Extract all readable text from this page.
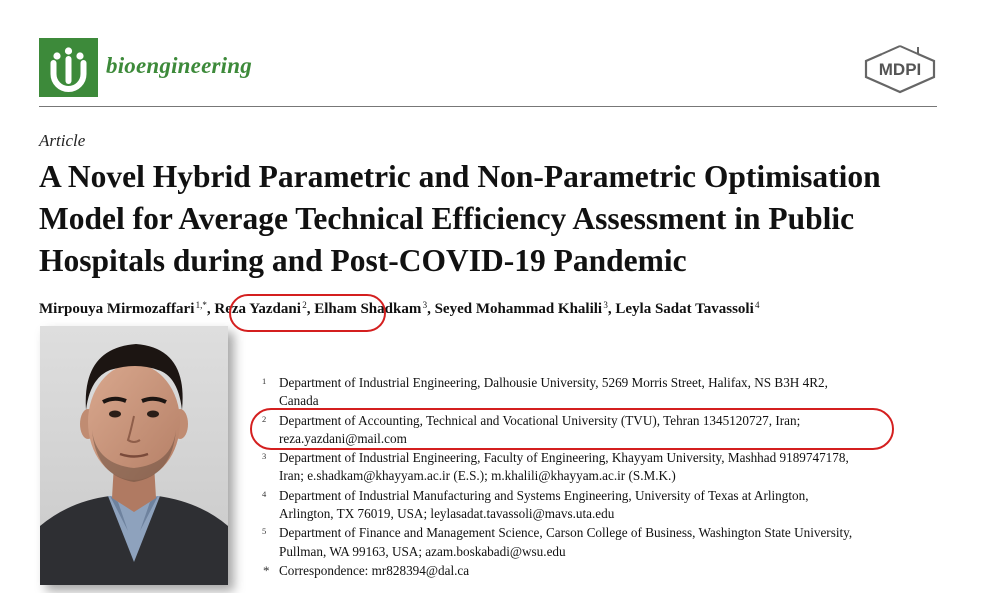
bioengineering	MDPI
Article
A Novel Hybrid Parametric and Non-Parametric Optimisation
Model for Average Technical Efficiency Assessment in Public
Hospitals during and Post-COVID-19 Pandemic
Mirpouya Mirmozaffari $^{1,*}$, Reza Yazdani $^2$, Elham Shadkam $^3$, Seyed Mohammad Khalili $^3$, Leyla Sadat Tavassoli $^4$
1 Department of Industrial Engineering, Dalhousie University, 5269 Morris Street, Halifax, NS B3H 4R2,
Canada
2 Department of Accounting, Technical and Vocational University (TVU), Tehran 1345120727, Iran;
reza.yazdani@mail.com
3 Department of Industrial Engineering, Faculty of Engineering, Khayyam University, Mashhad 9189747178,
Iran; e.shadkam@khayyam.ac.ir (E.S.); m.khalili@khayyam.ac.ir (S.M.K.)
4 Department of Industrial Manufacturing and Systems Engineering, University of Texas at Arlington,
Arlington, TX 76019, USA; leylasadat.tavassoli@mavs.uta.edu
5 Department of Finance and Management Science, Carson College of Business, Washington State University,
Pullman, WA 99163, USA; azam.boskabadi@wsu.edu
* Correspondence: mr828394@dal.ca
